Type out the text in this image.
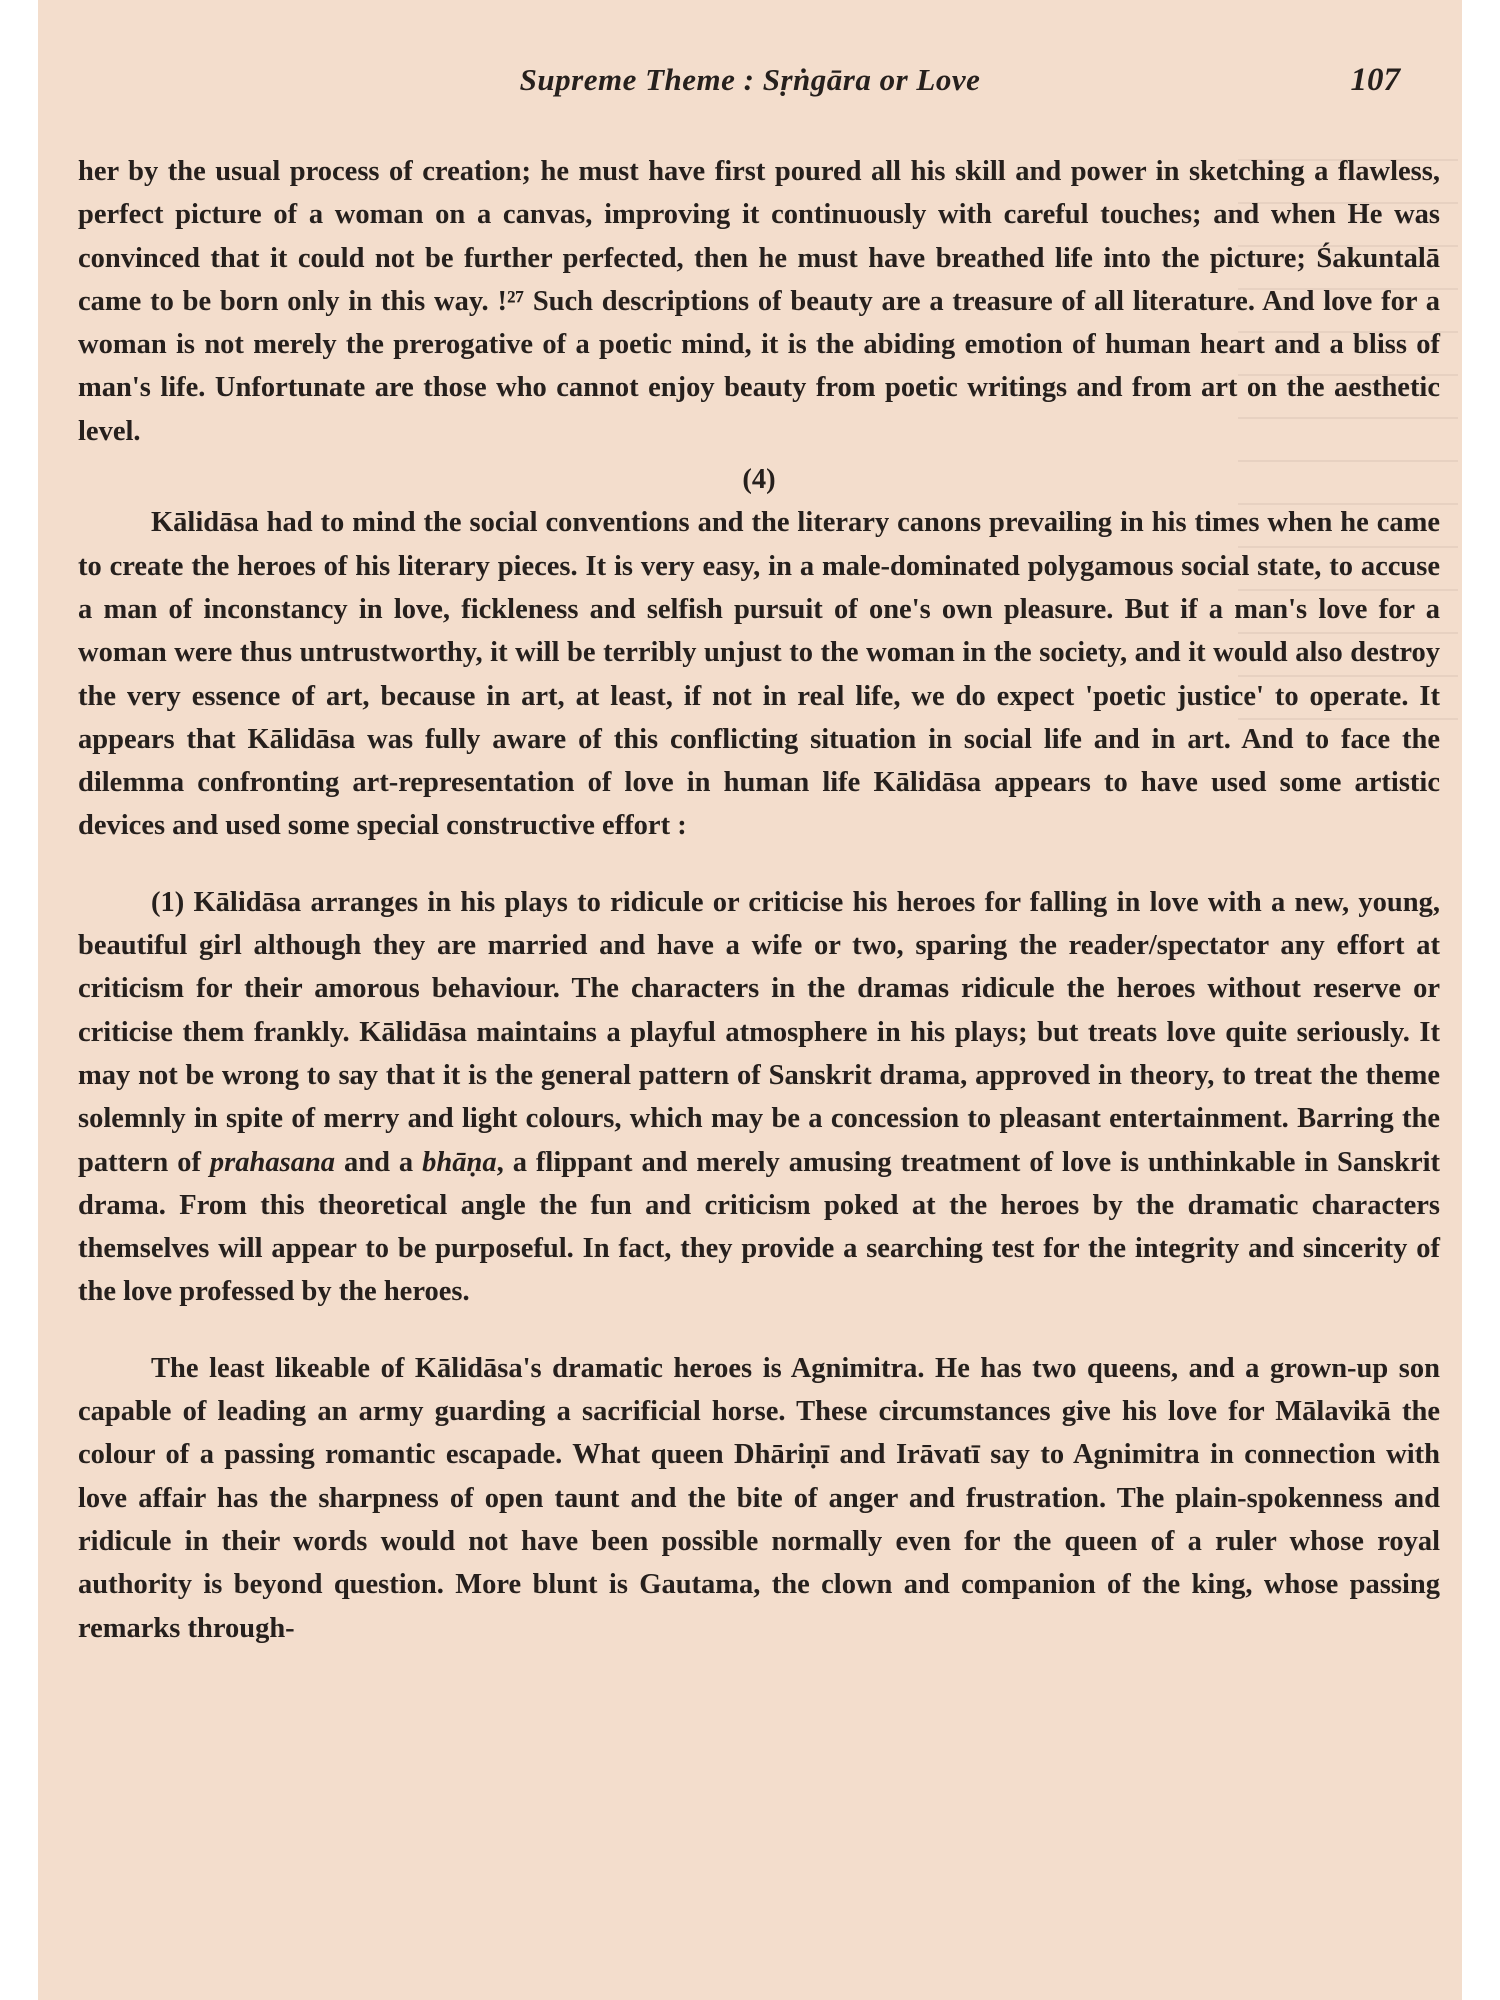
Supreme Theme : Sṛṅgāra or Love	107

her by the usual process of creation; he must have first poured all his skill and power in sketching a flawless, perfect picture of a woman on a canvas, improving it continuously with careful touches; and when He was convinced that it could not be further perfected, then he must have breathed life into the picture; Śakuntalā came to be born only in this way. !²⁷ Such descriptions of beauty are a treasure of all literature. And love for a woman is not merely the prerogative of a poetic mind, it is the abiding emotion of human heart and a bliss of man's life. Unfortunate are those who cannot enjoy beauty from poetic writings and from art on the aesthetic level.

(4)

Kālidāsa had to mind the social conventions and the literary canons prevailing in his times when he came to create the heroes of his literary pieces. It is very easy, in a male-dominated polygamous social state, to accuse a man of inconstancy in love, fickleness and selfish pursuit of one's own pleasure. But if a man's love for a woman were thus untrustworthy, it will be terribly unjust to the woman in the society, and it would also destroy the very essence of art, because in art, at least, if not in real life, we do expect 'poetic justice' to operate. It appears that Kālidāsa was fully aware of this conflicting situation in social life and in art. And to face the dilemma confronting art-representation of love in human life Kālidāsa appears to have used some artistic devices and used some special constructive effort :

(1) Kālidāsa arranges in his plays to ridicule or criticise his heroes for falling in love with a new, young, beautiful girl although they are married and have a wife or two, sparing the reader/spectator any effort at criticism for their amorous behaviour. The characters in the dramas ridicule the heroes without reserve or criticise them frankly. Kālidāsa maintains a playful atmosphere in his plays; but treats love quite seriously. It may not be wrong to say that it is the general pattern of Sanskrit drama, approved in theory, to treat the theme solemnly in spite of merry and light colours, which may be a concession to pleasant entertainment. Barring the pattern of prahasana and a bhāṇa, a flippant and merely amusing treatment of love is unthinkable in Sanskrit drama. From this theoretical angle the fun and criticism poked at the heroes by the dramatic characters themselves will appear to be purposeful. In fact, they provide a searching test for the integrity and sincerity of the love professed by the heroes.

The least likeable of Kālidāsa's dramatic heroes is Agnimitra. He has two queens, and a grown-up son capable of leading an army guarding a sacrificial horse. These circumstances give his love for Mālavikā the colour of a passing romantic escapade. What queen Dhāriṇī and Irāvatī say to Agnimitra in connection with love affair has the sharpness of open taunt and the bite of anger and frustration. The plain-spokenness and ridicule in their words would not have been possible normally even for the queen of a ruler whose royal authority is beyond question. More blunt is Gautama, the clown and companion of the king, whose passing remarks through-
